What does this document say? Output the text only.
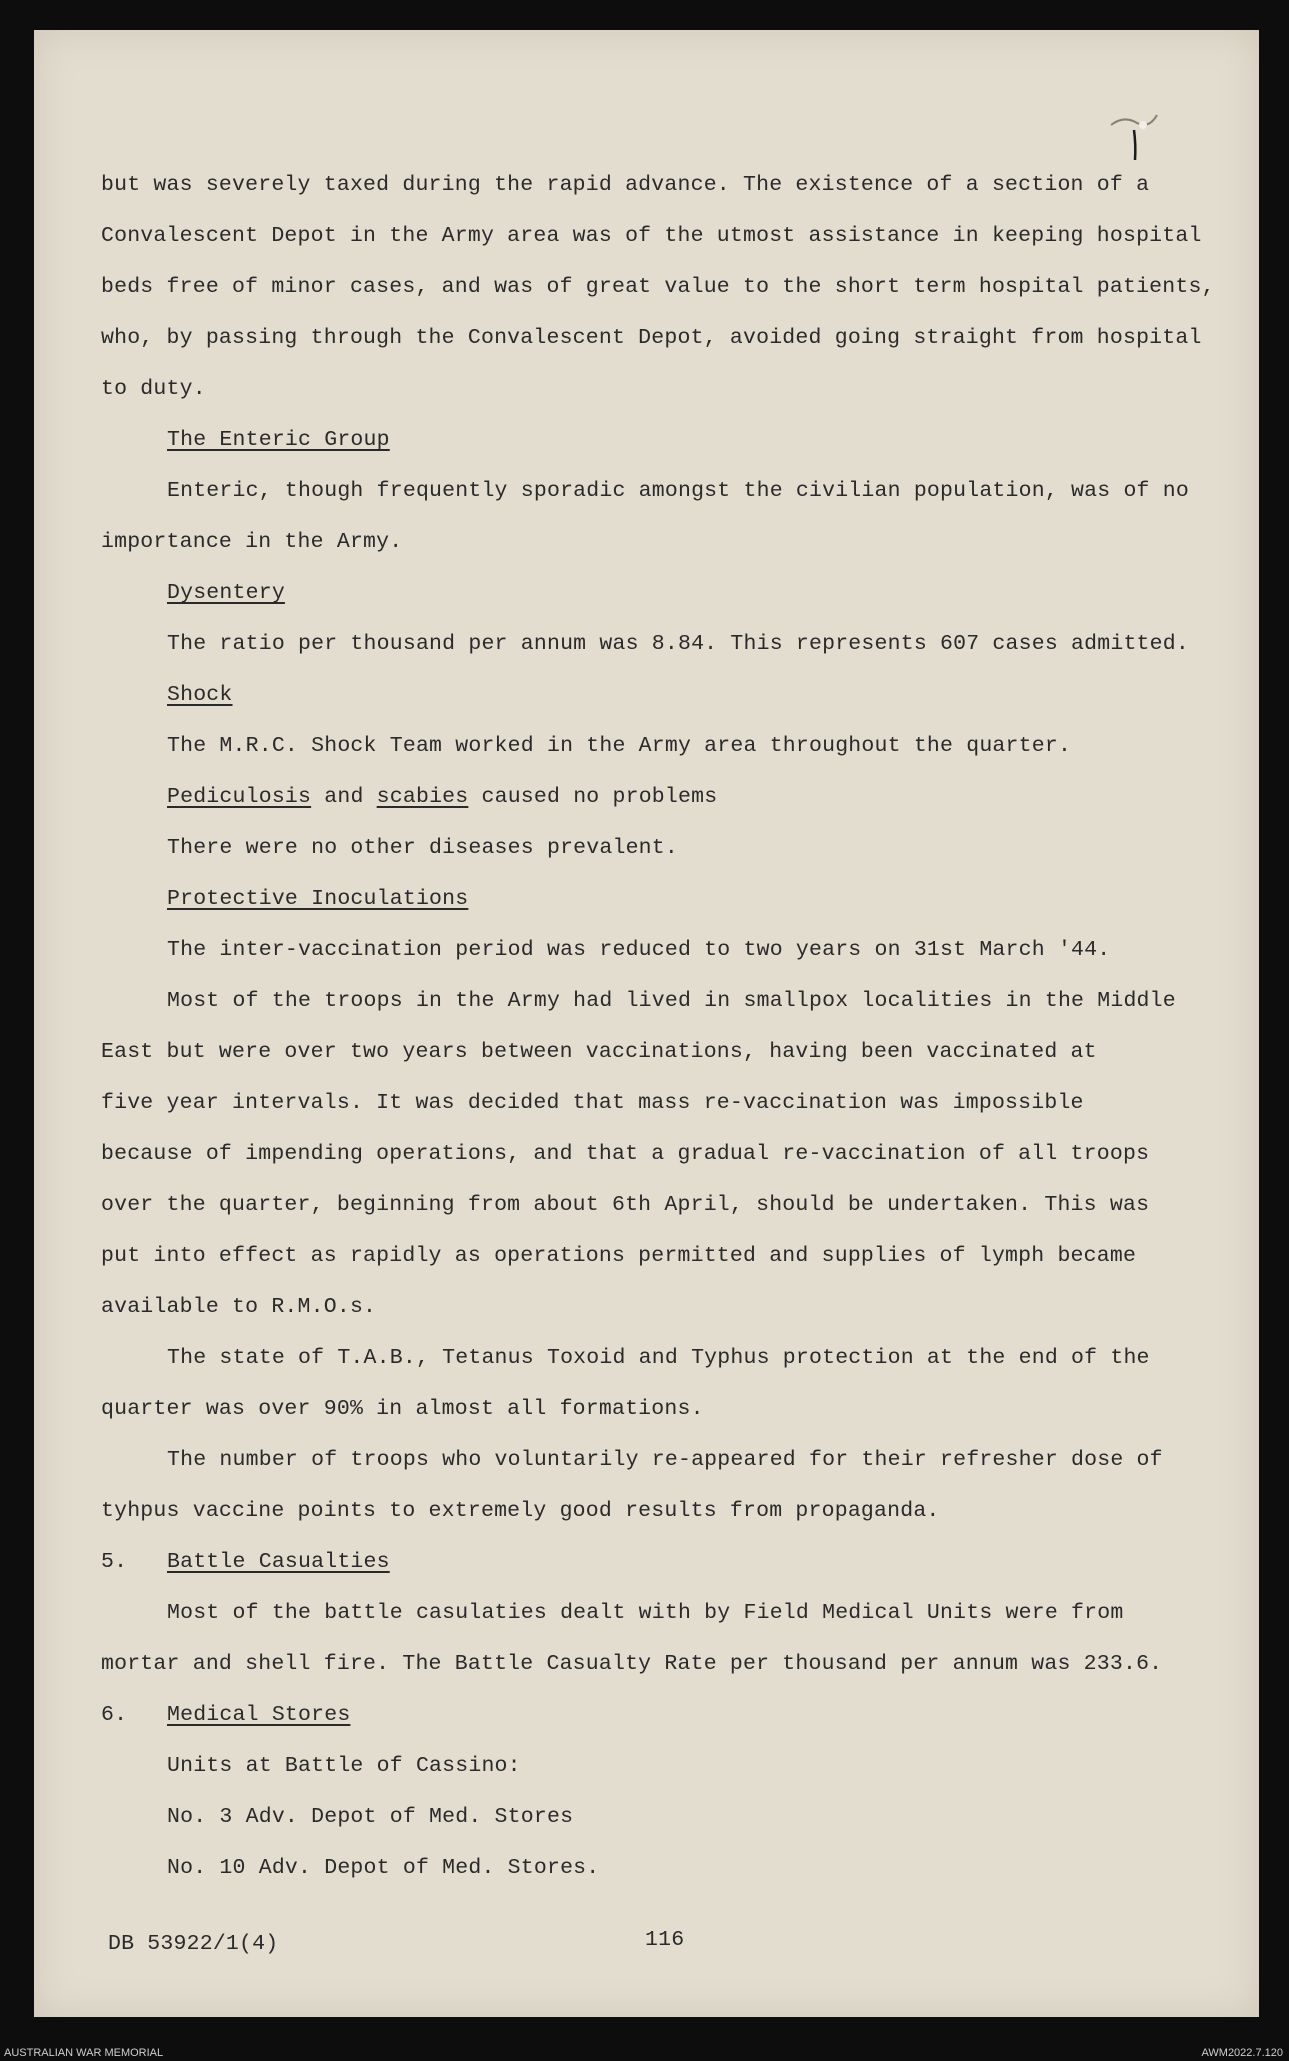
but was severely taxed during the rapid advance. The existence of a section of a

Convalescent Depot in the Army area was of the utmost assistance in keeping hospital

beds free of minor cases, and was of great value to the short term hospital patients,

who, by passing through the Convalescent Depot, avoided going straight from hospital

to duty.

The Enteric Group

Enteric, though frequently sporadic amongst the civilian population, was of no

importance in the Army.

Dysentery

The ratio per thousand per annum was 8.84. This represents 607 cases admitted.

Shock

The M.R.C. Shock Team worked in the Army area throughout the quarter.

Pediculosis and scabies caused no problems

There were no other diseases prevalent.

Protective Inoculations

The inter-vaccination period was reduced to two years on 31st March '44.

Most of the troops in the Army had lived in smallpox localities in the Middle

East but were over two years between vaccinations, having been vaccinated at

five year intervals. It was decided that mass re-vaccination was impossible

because of impending operations, and that a gradual re-vaccination of all troops

over the quarter, beginning from about 6th April, should be undertaken. This was

put into effect as rapidly as operations permitted and supplies of lymph became

available to R.M.O.s.

The state of T.A.B., Tetanus Toxoid and Typhus protection at the end of the

quarter was over 90% in almost all formations.

The number of troops who voluntarily re-appeared for their refresher dose of

tyhpus vaccine points to extremely good results from propaganda.

5. Battle Casualties

Most of the battle casulaties dealt with by Field Medical Units were from

mortar and shell fire. The Battle Casualty Rate per thousand per annum was 233.6.

6. Medical Stores

Units at Battle of Cassino:

No. 3 Adv. Depot of Med. Stores

No. 10 Adv. Depot of Med. Stores.

DB 53922/1(4)	116

AUSTRALIAN WAR MEMORIAL	AWM2022.7.120
